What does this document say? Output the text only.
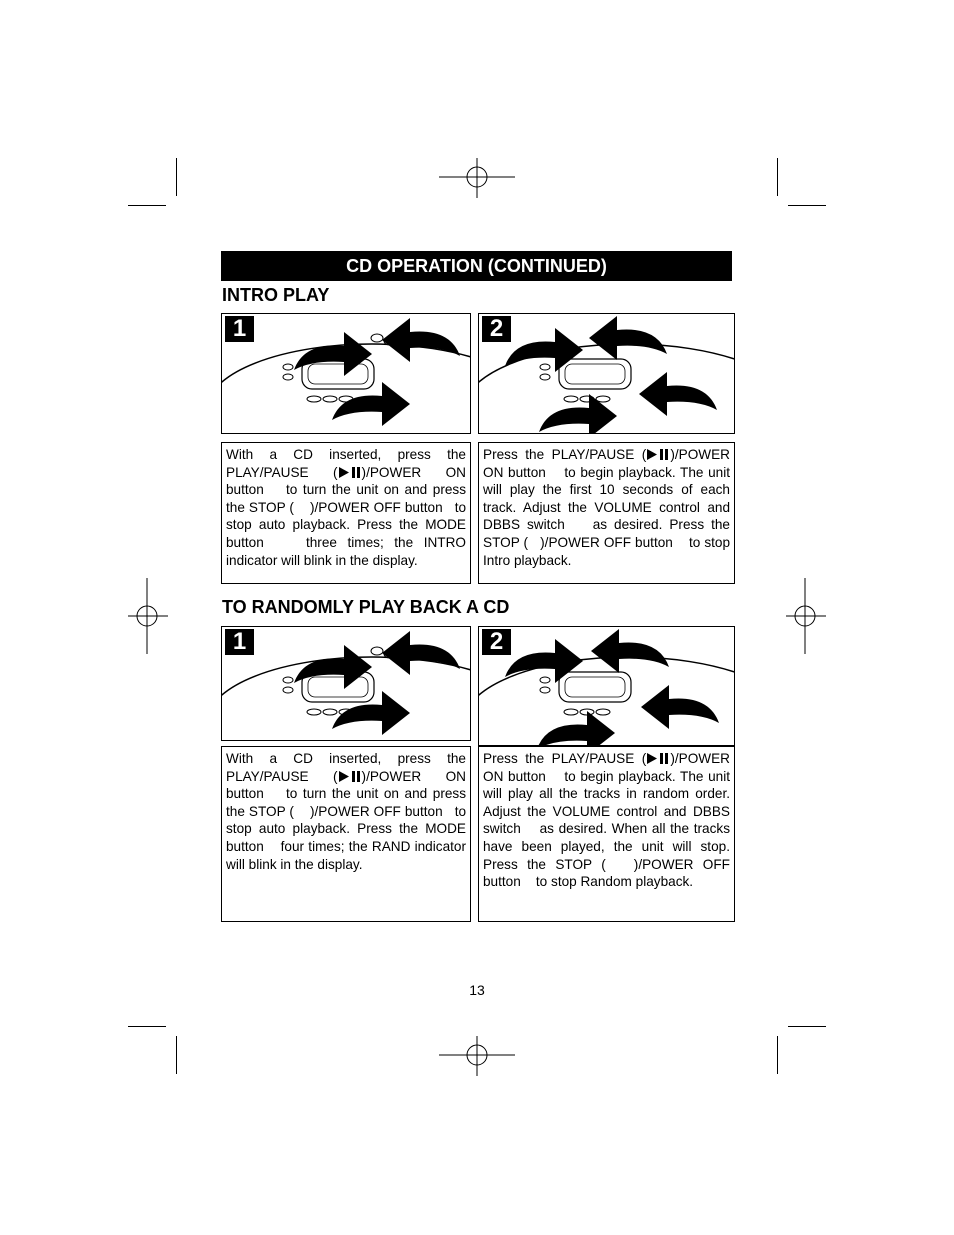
CD OPERATION (CONTINUED)
INTRO PLAY
1	2
With a CD inserted, press the PLAY/PAUSE ( )/POWER ON button to turn the unit on and press the STOP ( )/POWER OFF button to stop auto playback. Press the MODE button	three times; the INTRO indicator will blink in the display.
Press the PLAY/PAUSE ( )/POWER ON button to begin playback. The unit will play the first 10 seconds of each track. Adjust the VOLUME control and DBBS switch as desired. Press the STOP ( )/POWER OFF button to stop Intro playback.
TO RANDOMLY PLAY BACK A CD
1	2
With a CD inserted, press the PLAY/PAUSE ( )/POWER ON button to turn the unit on and press the STOP ( )/POWER OFF button to stop auto playback. Press the MODE button four times; the RAND indicator will blink in the display.
Press the PLAY/PAUSE ( )/POWER ON button to begin playback. The unit will play all the tracks in random order. Adjust the VOLUME control and DBBS switch as desired. When all the tracks have been played, the unit will stop. Press the STOP ( )/POWER OFF button to stop Random playback.
13
